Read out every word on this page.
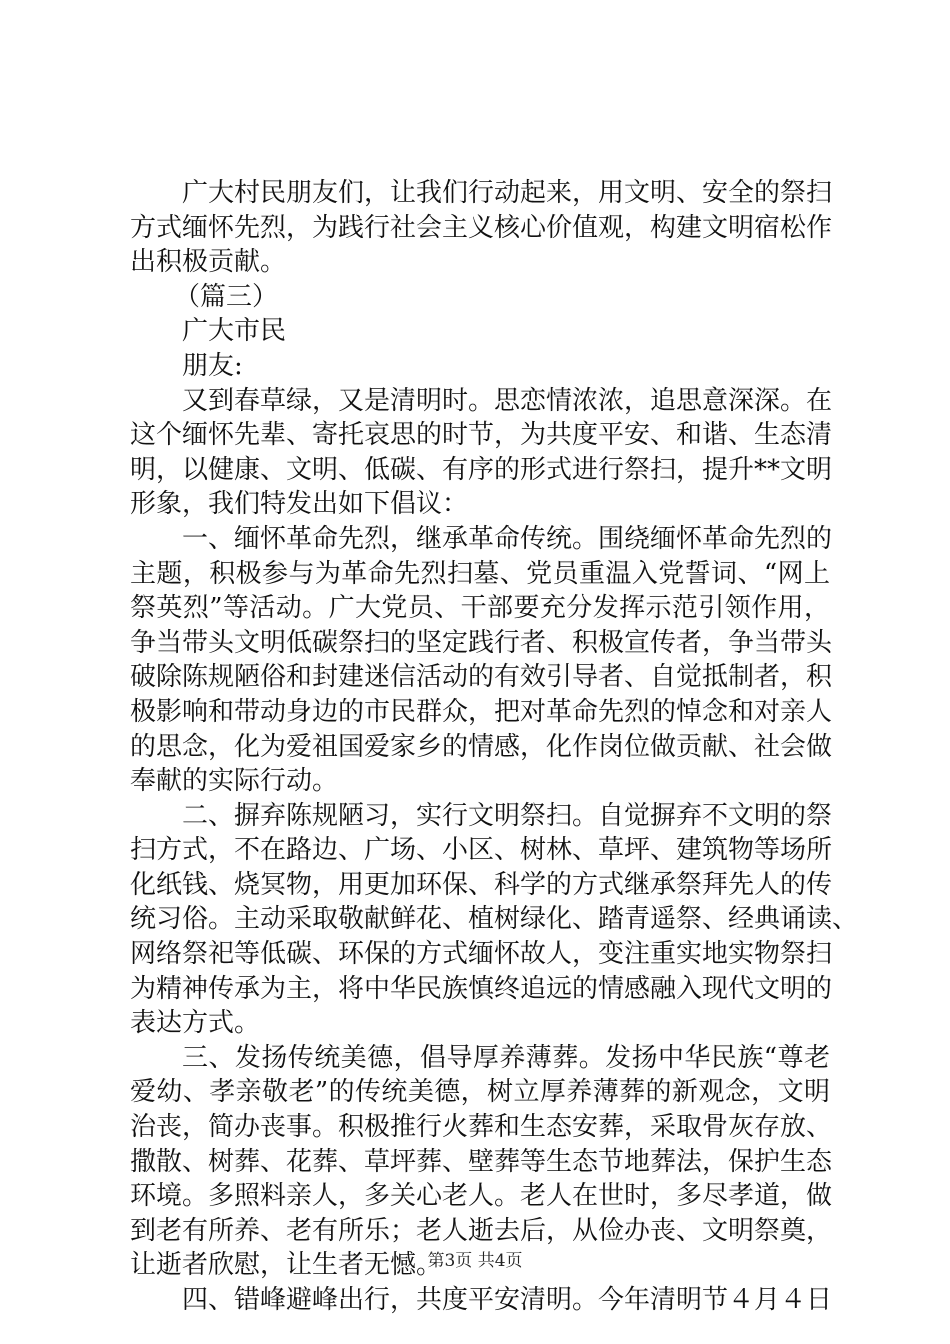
广大村民朋友们，让我们行动起来，用文明、安全的祭扫
方式缅怀先烈，为践行社会主义核心价值观，构建文明宿松作
出积极贡献。
（篇三）
广大市民
朋友:
又到春草绿，又是清明时。思恋情浓浓，追思意深深。在
这个缅怀先辈、寄托哀思的时节，为共度平安、和谐、生态清
明，以健康、文明、低碳、有序的形式进行祭扫，提升**文明
形象，我们特发出如下倡议：
一、缅怀革命先烈，继承革命传统。围绕缅怀革命先烈的
主题，积极参与为革命先烈扫墓、党员重温入党誓词、“网上
祭英烈”等活动。广大党员、干部要充分发挥示范引领作用，
争当带头文明低碳祭扫的坚定践行者、积极宣传者，争当带头
破除陈规陋俗和封建迷信活动的有效引导者、自觉抵制者，积
极影响和带动身边的市民群众，把对革命先烈的悼念和对亲人
的思念，化为爱祖国爱家乡的情感，化作岗位做贡献、社会做
奉献的实际行动。
二、摒弃陈规陋习，实行文明祭扫。自觉摒弃不文明的祭
扫方式，不在路边、广场、小区、树林、草坪、建筑物等场所
化纸钱、烧冥物，用更加环保、科学的方式继承祭拜先人的传
统习俗。主动采取敬献鲜花、植树绿化、踏青遥祭、经典诵读、
网络祭祀等低碳、环保的方式缅怀故人，变注重实地实物祭扫
为精神传承为主，将中华民族慎终追远的情感融入现代文明的
表达方式。
三、发扬传统美德，倡导厚养薄葬。发扬中华民族“尊老
爱幼、孝亲敬老”的传统美德，树立厚养薄葬的新观念，文明
治丧，简办丧事。积极推行火葬和生态安葬，采取骨灰存放、
撒散、树葬、花葬、草坪葬、壁葬等生态节地葬法，保护生态
环境。多照料亲人，多关心老人。老人在世时，多尽孝道，做
到老有所养、老有所乐；老人逝去后，从俭办丧、文明祭奠，
让逝者欣慰，让生者无憾。
四、错峰避峰出行，共度平安清明。今年清明节４月４日
第3页 共4页
